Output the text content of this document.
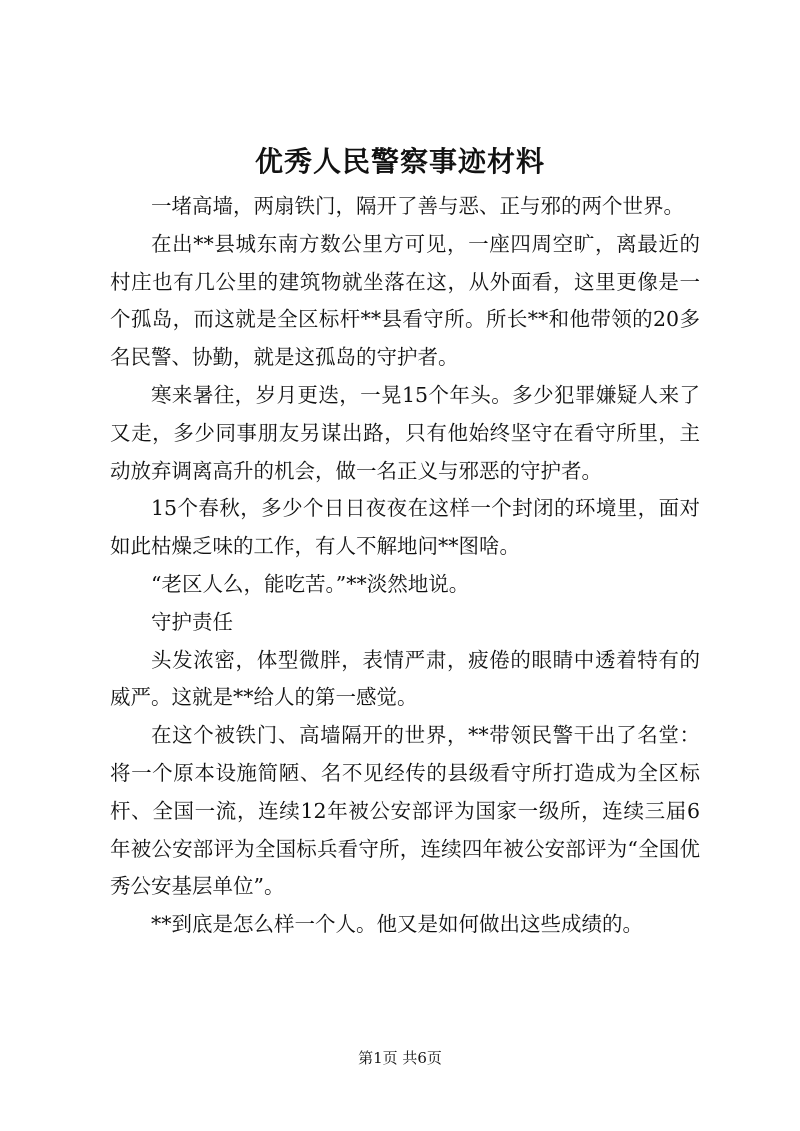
优秀人民警察事迹材料

一堵高墙，两扇铁门，隔开了善与恶、正与邪的两个世界。

在出**县城东南方数公里方可见，一座四周空旷，离最近的村庄也有几公里的建筑物就坐落在这，从外面看，这里更像是一个孤岛，而这就是全区标杆**县看守所。所长**和他带领的20多名民警、协勤，就是这孤岛的守护者。

寒来暑往，岁月更迭，一晃15个年头。多少犯罪嫌疑人来了又走，多少同事朋友另谋出路，只有他始终坚守在看守所里，主动放弃调离高升的机会，做一名正义与邪恶的守护者。

15个春秋，多少个日日夜夜在这样一个封闭的环境里，面对如此枯燥乏味的工作，有人不解地问**图啥。

“老区人么，能吃苦。”**淡然地说。

守护责任

头发浓密，体型微胖，表情严肃，疲倦的眼睛中透着特有的威严。这就是**给人的第一感觉。

在这个被铁门、高墙隔开的世界，**带领民警干出了名堂：将一个原本设施简陋、名不见经传的县级看守所打造成为全区标杆、全国一流，连续12年被公安部评为国家一级所，连续三届6年被公安部评为全国标兵看守所，连续四年被公安部评为“全国优秀公安基层单位”。

**到底是怎么样一个人。他又是如何做出这些成绩的。

第1页 共6页
